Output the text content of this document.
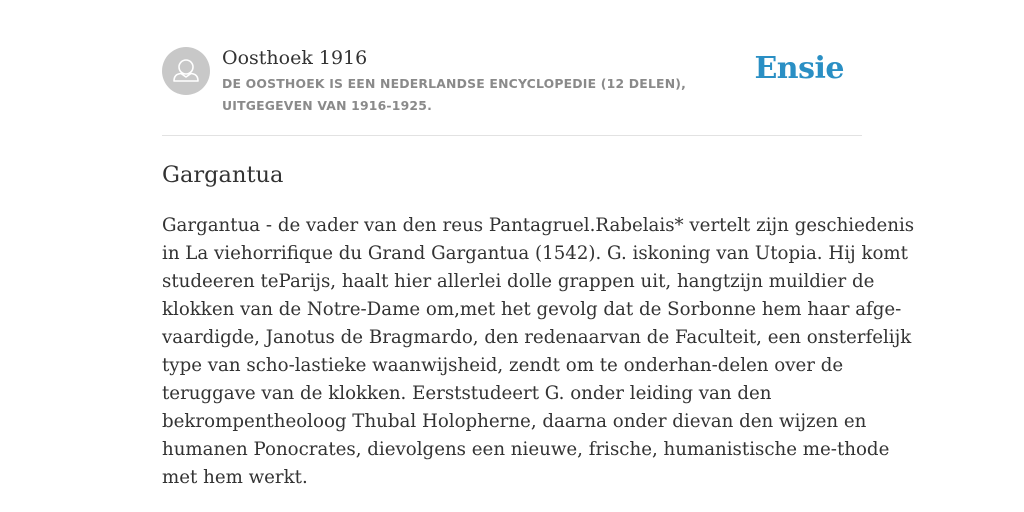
Oosthoek 1916
DE OOSTHOEK IS EEN NEDERLANDSE ENCYCLOPEDIE (12 DELEN), UITGEGEVEN VAN 1916-1925.
Ensie
Gargantua
Gargantua - de vader van den reus Pantagruel.Rabelais* vertelt zijn geschiedenis
in La viehorrifique du Grand Gargantua (1542). G. iskoning van Utopia. Hij komt
studeeren teParijs, haalt hier allerlei dolle grappen uit, hangtzijn muildier de
klokken van de Notre-Dame om,met het gevolg dat de Sorbonne hem haar afge-
vaardigde, Janotus de Bragmardo, den redenaarvan de Faculteit, een onsterfelijk
type van scho-lastieke waanwijsheid, zendt om te onderhan-delen over de
teruggave van de klokken. Eerststudeert G. onder leiding van den
bekrompentheoloog Thubal Holopherne, daarna onder dievan den wijzen en
humanen Ponocrates, dievolgens een nieuwe, frische, humanistische me-thode
met hem werkt.
